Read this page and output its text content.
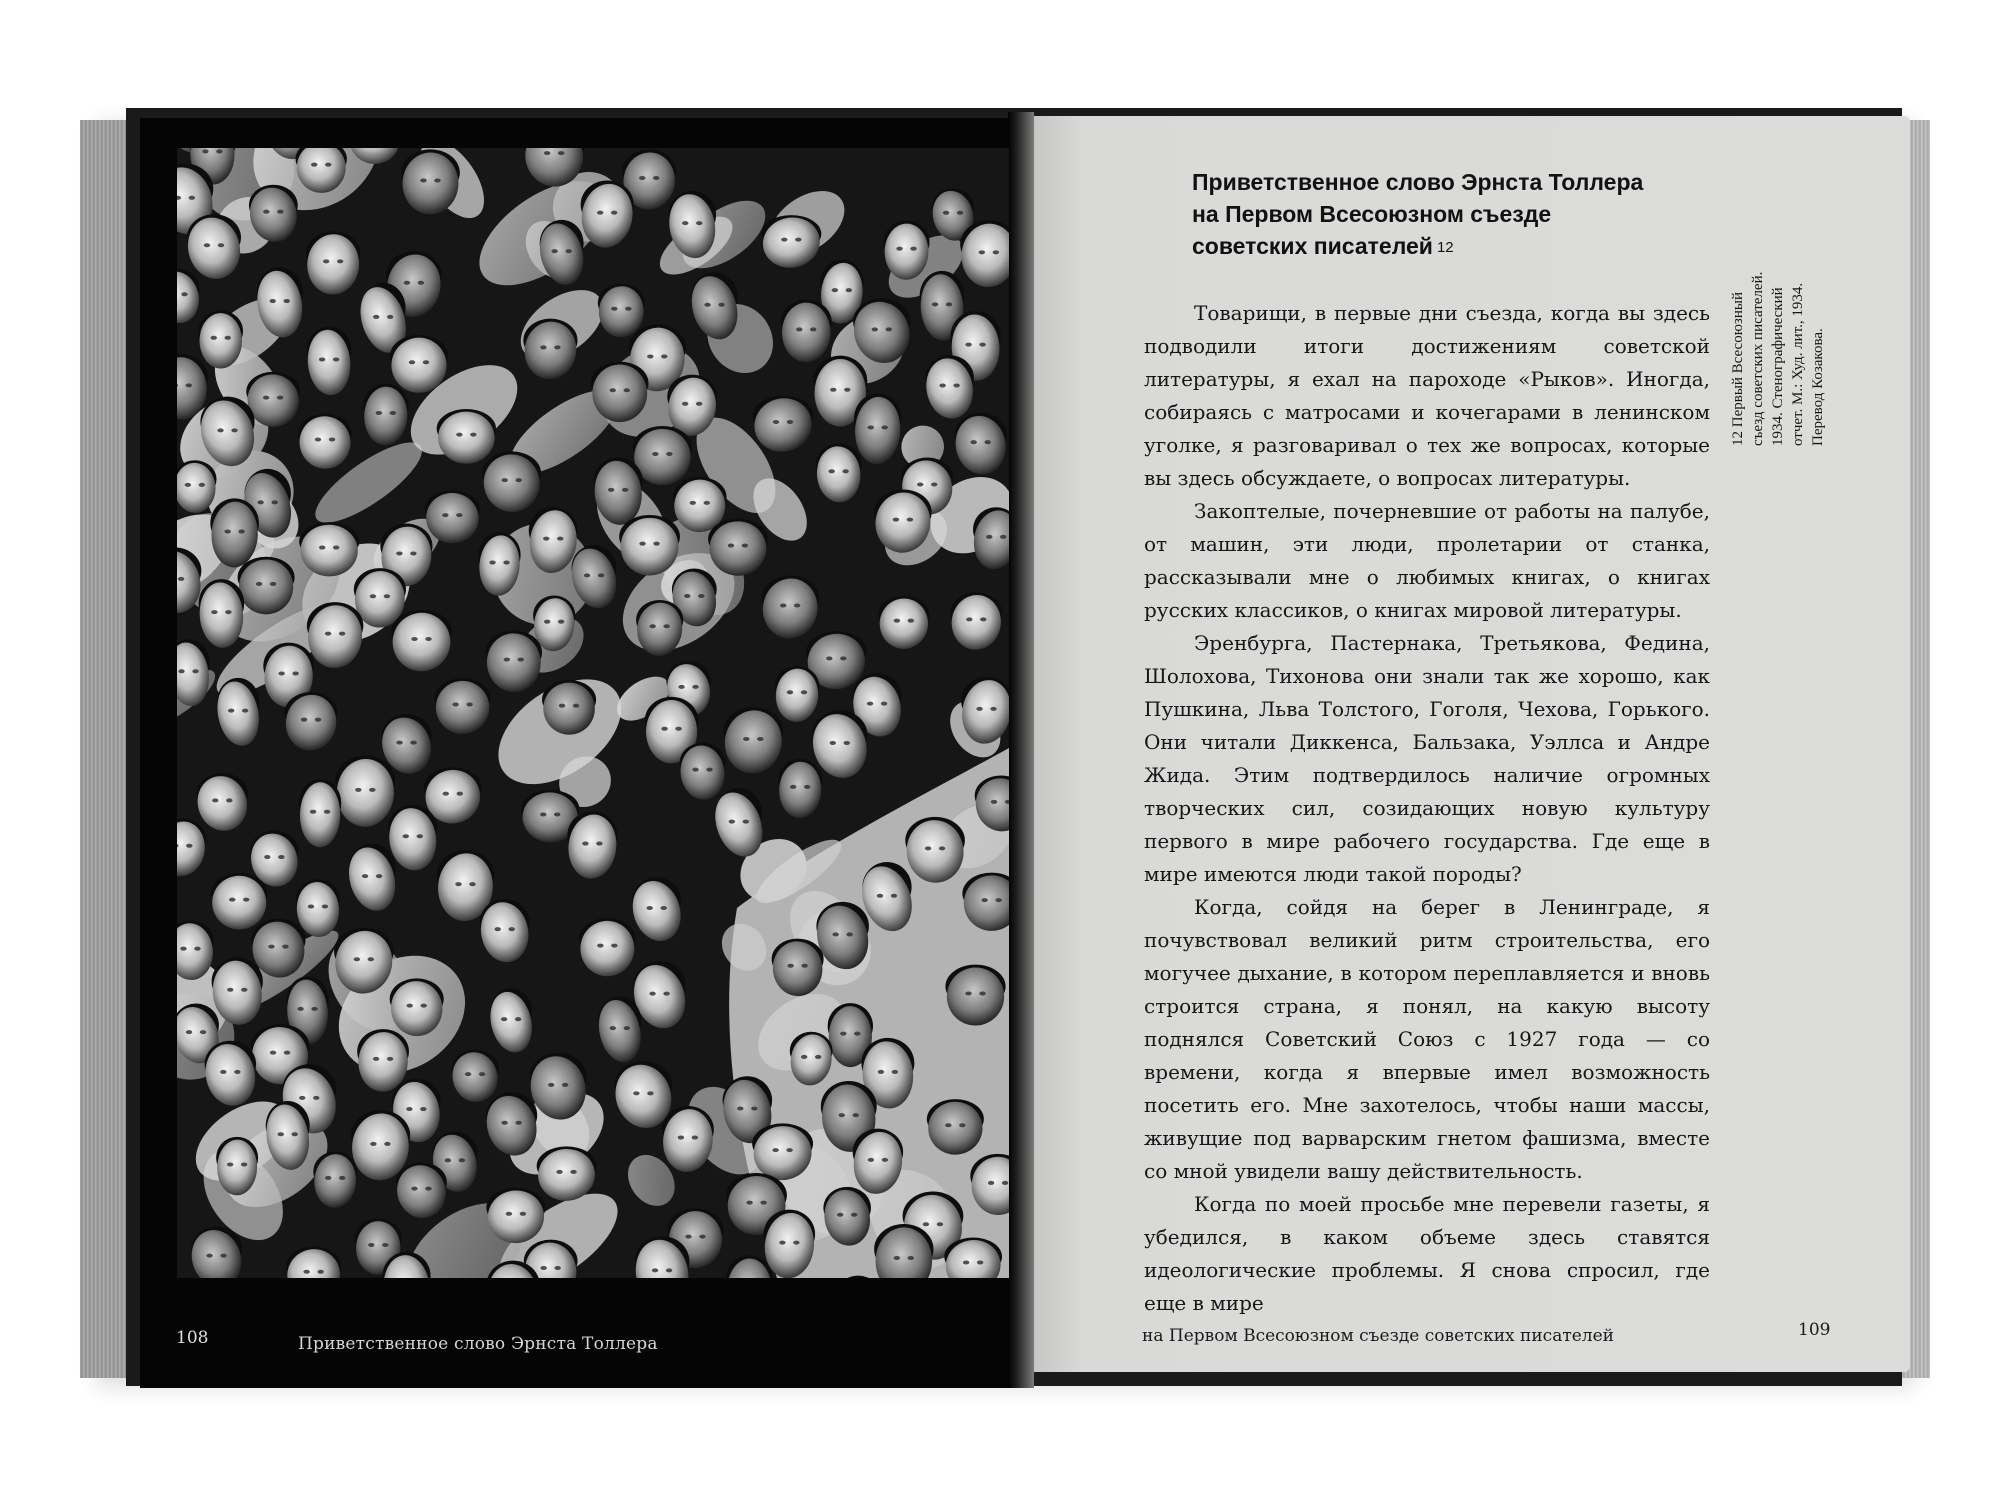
108	Приветственное слово Эрнста Толлера	на Первом Всесоюзном съезде советских писателей	109
Приветственное слово Эрнста Толлера
на Первом Всесоюзном съезде
советских писателей 12
12 Первый Всесоюзный съезд советских писателей. 1934. Стенографический отчет. М.: Худ. лит., 1934. Перевод Козакова.

Товарищи, в первые дни съезда, когда вы здесь подводили итоги достижениям советской литературы, я ехал на пароходе «Рыков». Иногда, собираясь с матросами и кочегарами в ленинском уголке, я разговаривал о тех же вопросах, которые вы здесь обсуждаете, о вопросах литературы.

Закоптелые, почерневшие от работы на палубе, от машин, эти люди, пролетарии от станка, рассказывали мне о любимых книгах, о книгах русских классиков, о книгах мировой литературы.

Эренбурга, Пастернака, Третьякова, Федина, Шолохова, Тихонова они знали так же хорошо, как Пушкина, Льва Толстого, Гоголя, Чехова, Горького. Они читали Диккенса, Бальзака, Уэллса и Андре Жида. Этим подтвердилось наличие огромных творческих сил, созидающих новую культуру первого в мире рабочего государства. Где еще в мире имеются люди такой породы?

Когда, сойдя на берег в Ленинграде, я почувствовал великий ритм строительства, его могучее дыхание, в котором переплавляется и вновь строится страна, я понял, на какую высоту поднялся Советский Союз с 1927 года — со времени, когда я впервые имел возможность посетить его. Мне захотелось, чтобы наши массы, живущие под варварским гнетом фашизма, вместе со мной увидели вашу действительность.

Когда по моей просьбе мне перевели газеты, я убедился, в каком объеме здесь ставятся идеологические проблемы. Я снова спросил, где еще в мире
